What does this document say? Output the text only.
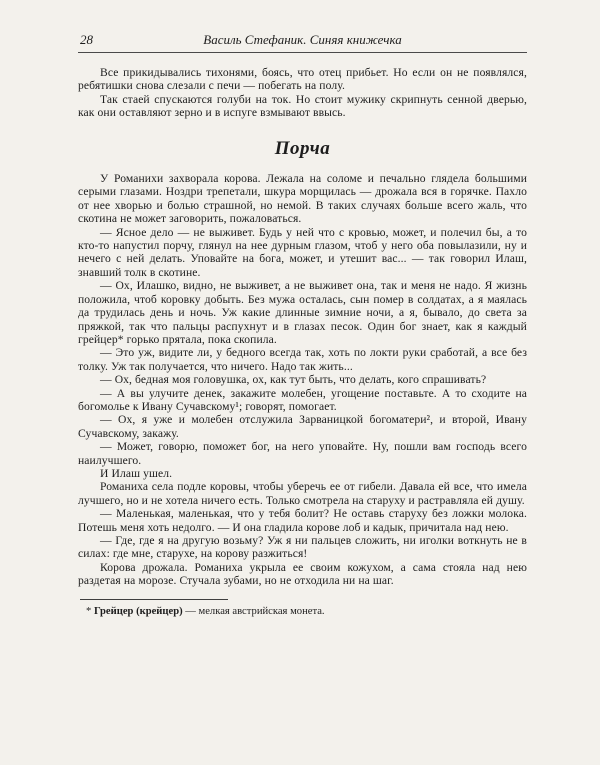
28	Василь Стефаник. Синяя книжечка

Все прикидывались тихонями, боясь, что отец прибьет. Но если он не появлялся, ребятишки снова слезали с печи — побегать на полу.

Так стаей спускаются голуби на ток. Но стоит мужику скрипнуть сенной дверью, как они оставляют зерно и в испуге взмывают ввысь.

Порча

У Романихи захворала корова. Лежала на соломе и печально глядела большими серыми глазами. Ноздри трепетали, шкура морщилась — дрожала вся в горячке. Пахло от нее хворью и болью страшной, но немой. В таких случаях больше всего жаль, что скотина не может заговорить, пожаловаться.

— Ясное дело — не выживет. Будь у ней что с кровью, может, и полечил бы, а то кто-то напустил порчу, глянул на нее дурным глазом, чтоб у него оба повылазили, ну и нечего с ней делать. Уповайте на бога, может, и утешит вас... — так говорил Илаш, знавший толк в скотине.

— Ох, Илашко, видно, не выживет, а не выживет она, так и меня не надо. Я жизнь положила, чтоб коровку добыть. Без мужа осталась, сын помер в солдатах, а я маялась да трудилась день и ночь. Уж какие длинные зимние ночи, а я, бывало, до света за пряжкой, так что пальцы распухнут и в глазах песок. Один бог знает, как я каждый грейцер* горько прятала, пока скопила.

— Это уж, видите ли, у бедного всегда так, хоть по локти руки сработай, а все без толку. Уж так получается, что ничего. Надо так жить...

— Ох, бедная моя головушка, ох, как тут быть, что делать, кого спрашивать?

— А вы улучите денек, закажите молебен, угощение поставьте. А то сходите на богомолье к Ивану Сучавскому¹; говорят, помогает.

— Ох, я уже и молебен отслужила Зарваницкой богоматери², и второй, Ивану Сучавскому, закажу.

— Может, говорю, поможет бог, на него уповайте. Ну, пошли вам господь всего наилучшего.

И Илаш ушел.

Романиха села подле коровы, чтобы уберечь ее от гибели. Давала ей все, что имела лучшего, но и не хотела ничего есть. Только смотрела на старуху и растравляла ей душу.

— Маленькая, маленькая, что у тебя болит? Не оставь старуху без ложки молока. Потешь меня хоть недолго. — И она гладила корове лоб и кадык, причитала над нею.

— Где, где я на другую возьму? Уж я ни пальцев сложить, ни иголки воткнуть не в силах: где мне, старухе, на корову разжиться!

Корова дрожала. Романиха укрыла ее своим кожухом, а сама стояла над нею раздетая на морозе. Стучала зубами, но не отходила ни на шаг.

* Грейцер (крейцер) — мелкая австрийская монета.
